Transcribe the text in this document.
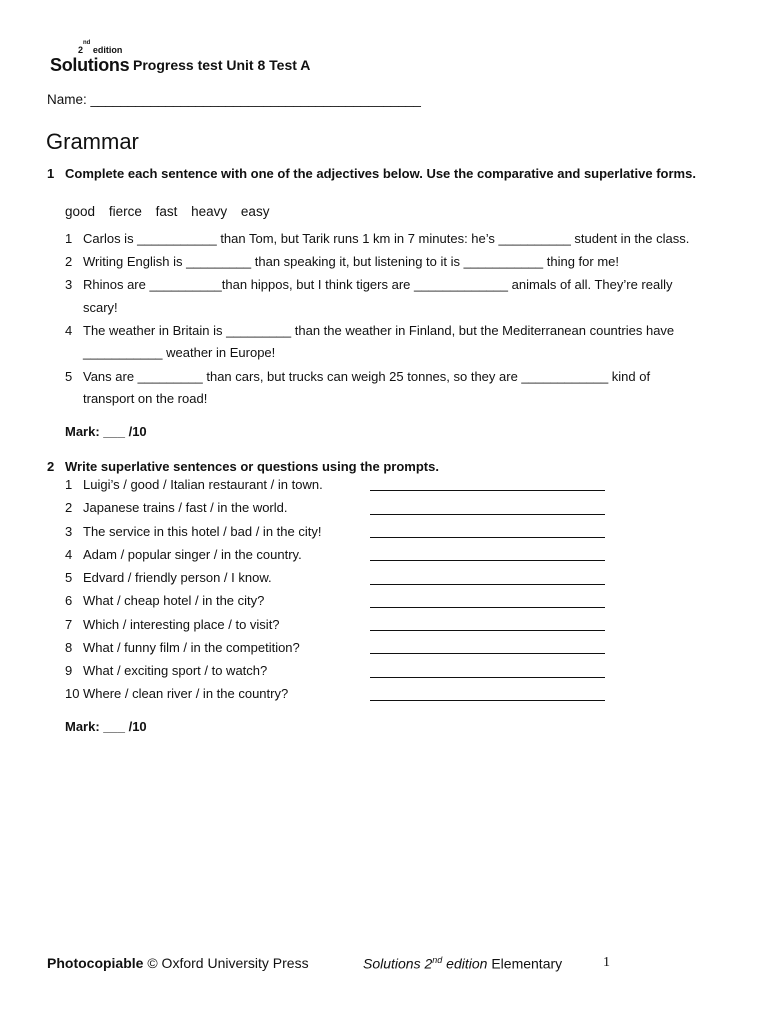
2nd edition
Solutions Progress test Unit 8 Test A
Name: ____________________________________________
Grammar
1 Complete each sentence with one of the adjectives below. Use the comparative and superlative forms.
good fierce fast heavy easy
1 Carlos is ___________ than Tom, but Tarik runs 1 km in 7 minutes: he’s __________ student in the class.
2 Writing English is _________ than speaking it, but listening to it is ___________ thing for me!
3 Rhinos are __________than hippos, but I think tigers are _____________ animals of all. They’re really
scary!
4 The weather in Britain is _________ than the weather in Finland, but the Mediterranean countries have
___________ weather in Europe!
5 Vans are _________ than cars, but trucks can weigh 25 tonnes, so they are ____________ kind of
transport on the road!
Mark: ___ /10
2 Write superlative sentences or questions using the prompts.
1 Luigi’s / good / Italian restaurant / in town.
2 Japanese trains / fast / in the world.
3 The service in this hotel / bad / in the city!
4 Adam / popular singer / in the country.
5 Edvard / friendly person / I know.
6 What / cheap hotel / in the city?
7 Which / interesting place / to visit?
8 What / funny film / in the competition?
9 What / exciting sport / to watch?
10 Where / clean river / in the country?
Mark: ___ /10
Photocopiable © Oxford University Press	Solutions 2nd edition Elementary	1
